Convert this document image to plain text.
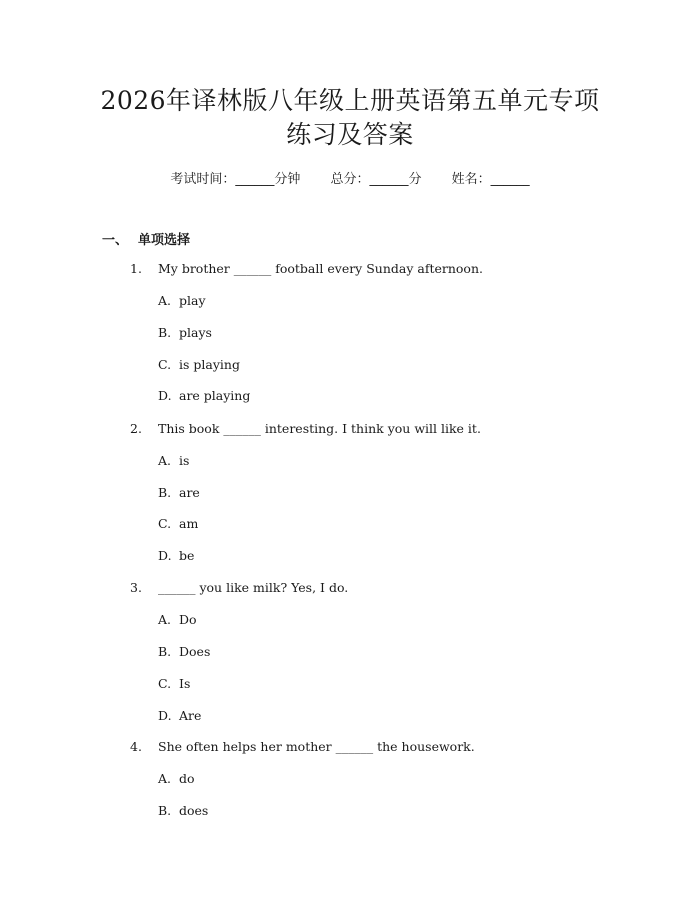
2026年译林版八年级上册英语第五单元专项
练习及答案
考试时间：______分钟 总分：______分 姓名：______
一、 单项选择
1. My brother ______ football every Sunday afternoon.
A. play
B. plays
C. is playing
D. are playing
2. This book ______ interesting. I think you will like it.
A. is
B. are
C. am
D. be
3. ______ you like milk? Yes, I do.
A. Do
B. Does
C. Is
D. Are
4. She often helps her mother ______ the housework.
A. do
B. does
